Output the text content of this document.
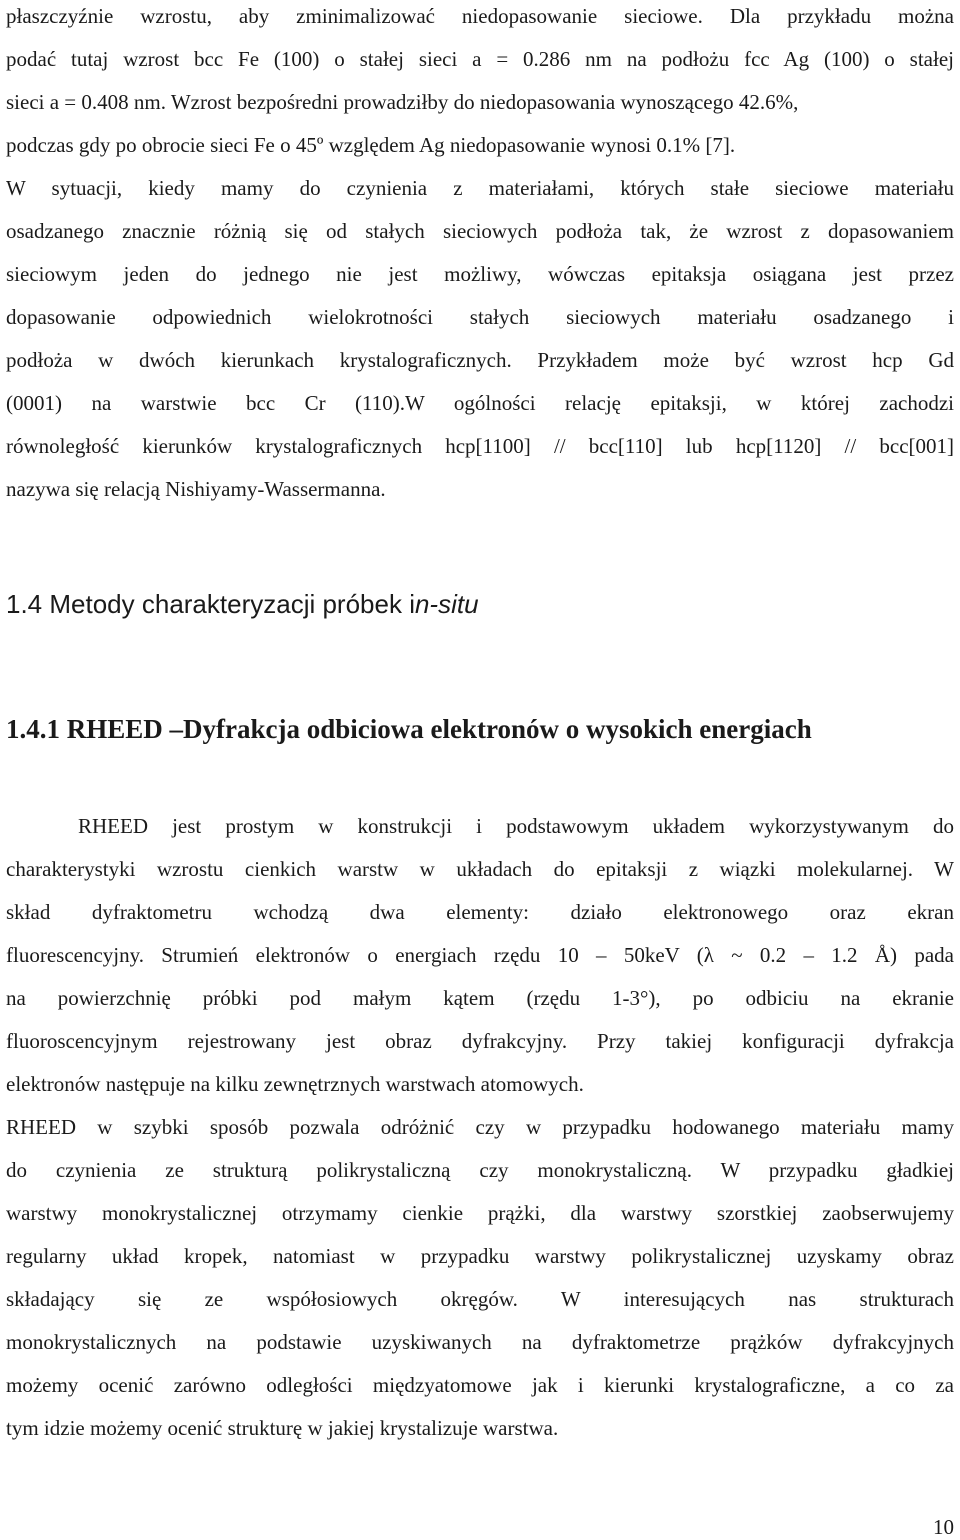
płaszczyźnie wzrostu, aby zminimalizować niedopasowanie sieciowe. Dla przykładu można
podać tutaj wzrost bcc Fe (100) o stałej sieci a = 0.286 nm na podłożu fcc Ag (100) o stałej
sieci a = 0.408 nm. Wzrost bezpośredni prowadziłby do niedopasowania wynoszącego 42.6%,
podczas gdy po obrocie sieci Fe o 45º względem Ag niedopasowanie wynosi 0.1% [7].
W sytuacji, kiedy mamy do czynienia z materiałami, których stałe sieciowe materiału
osadzanego znacznie różnią się od stałych sieciowych podłoża tak, że wzrost z dopasowaniem
sieciowym jeden do jednego nie jest możliwy, wówczas epitaksja osiągana jest przez
dopasowanie odpowiednich wielokrotności stałych sieciowych materiału osadzanego i
podłoża w dwóch kierunkach krystalograficznych. Przykładem może być wzrost hcp Gd
(0001) na warstwie bcc Cr (110).W ogólności relację epitaksji, w której zachodzi
równoległość kierunków krystalograficznych hcp[1100] // bcc[110] lub hcp[1120] // bcc[001]
nazywa się relacją Nishiyamy-Wassermanna.
1.4 Metody charakteryzacji próbek in-situ
1.4.1 RHEED –Dyfrakcja odbiciowa elektronów o wysokich energiach
RHEED jest prostym w konstrukcji i podstawowym układem wykorzystywanym do
charakterystyki wzrostu cienkich warstw w układach do epitaksji z wiązki molekularnej. W
skład dyfraktometru wchodzą dwa elementy: działo elektronowego oraz ekran
fluorescencyjny. Strumień elektronów o energiach rzędu 10 – 50keV (λ ~ 0.2 – 1.2 Å) pada
na powierzchnię próbki pod małym kątem (rzędu 1-3°), po odbiciu na ekranie
fluoroscencyjnym rejestrowany jest obraz dyfrakcyjny. Przy takiej konfiguracji dyfrakcja
elektronów następuje na kilku zewnętrznych warstwach atomowych.
RHEED w szybki sposób pozwala odróżnić czy w przypadku hodowanego materiału mamy
do czynienia ze strukturą polikrystaliczną czy monokrystaliczną. W przypadku gładkiej
warstwy monokrystalicznej otrzymamy cienkie prążki, dla warstwy szorstkiej zaobserwujemy
regularny układ kropek, natomiast w przypadku warstwy polikrystalicznej uzyskamy obraz
składający się ze współosiowych okręgów. W interesujących nas strukturach
monokrystalicznych na podstawie uzyskiwanych na dyfraktometrze prążków dyfrakcyjnych
możemy ocenić zarówno odległości międzyatomowe jak i kierunki krystalograficzne, a co za
tym idzie możemy ocenić strukturę w jakiej krystalizuje warstwa.
10
